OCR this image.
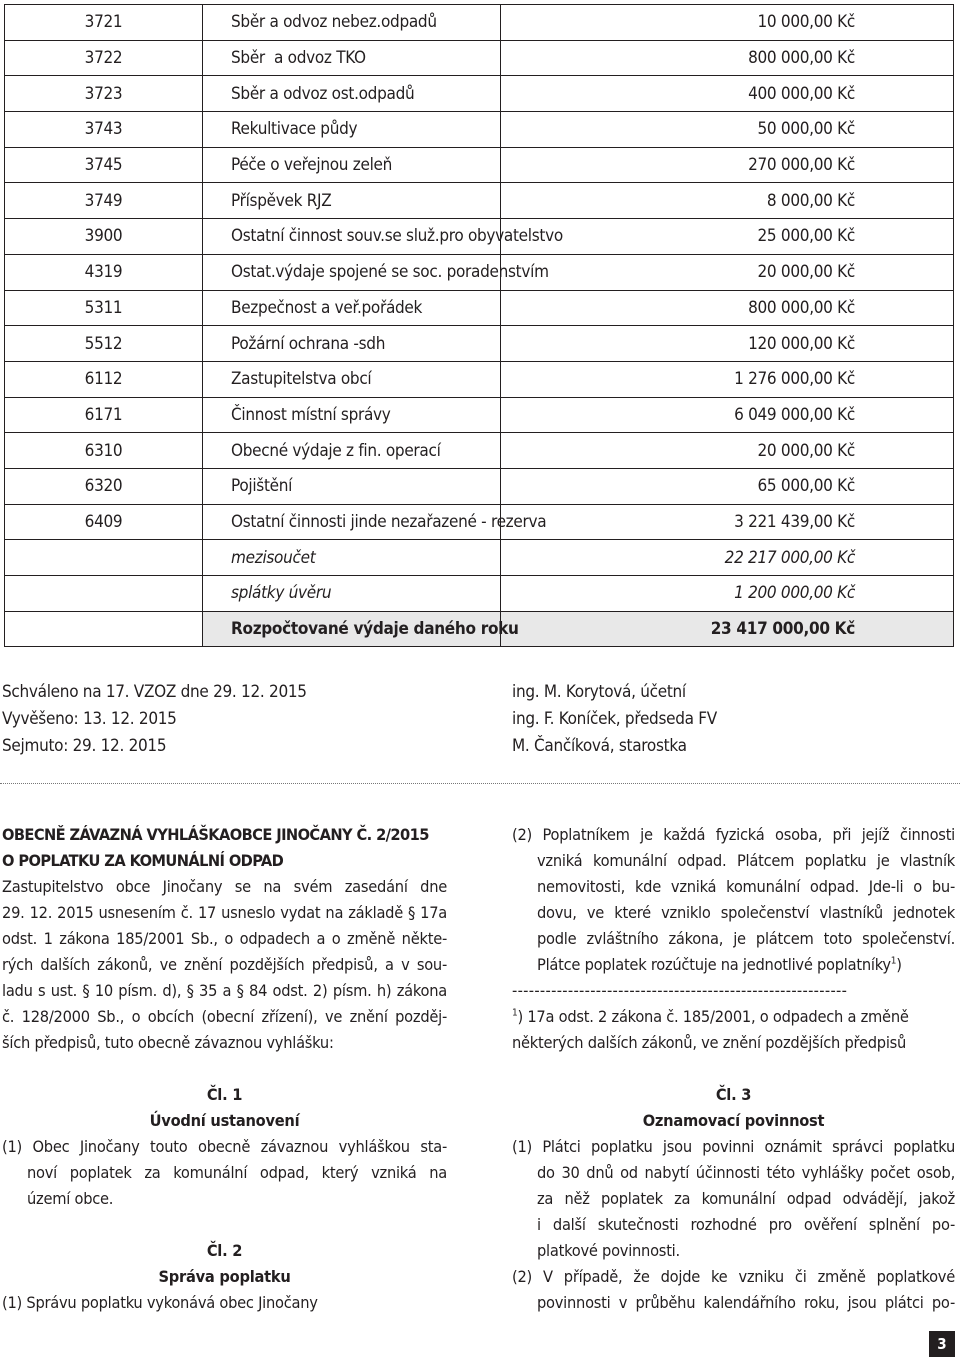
3721	Sběr a odvoz nebez.odpadů	10 000,00 Kč
3722	Sběr  a odvoz TKO	800 000,00 Kč
3723	Sběr a odvoz ost.odpadů	400 000,00 Kč
3743	Rekultivace půdy	50 000,00 Kč
3745	Péče o veřejnou zeleň	270 000,00 Kč
3749	Příspěvek RJZ	8 000,00 Kč
3900	Ostatní činnost souv.se služ.pro obyvatelstvo	25 000,00 Kč
4319	Ostat.výdaje spojené se soc. poradenstvím	20 000,00 Kč
5311	Bezpečnost a veř.pořádek	800 000,00 Kč
5512	Požární ochrana -sdh	120 000,00 Kč
6112	Zastupitelstva obcí	1 276 000,00 Kč
6171	Činnost místní správy	6 049 000,00 Kč
6310	Obecné výdaje z fin. operací	20 000,00 Kč
6320	Pojištění	65 000,00 Kč
6409	Ostatní činnosti jinde nezařazené - rezerva	3 221 439,00 Kč
	mezisoučet	22 217 000,00 Kč
	splátky úvěru	1 200 000,00 Kč
	Rozpočtované výdaje daného roku	23 417 000,00 Kč
Schváleno na 17. VZOZ dne 29. 12. 2015
Vyvěšeno: 13. 12. 2015
Sejmuto: 29. 12. 2015
ing. M. Korytová, účetní
ing. F. Koníček, předseda FV
M. Čančíková, starostka
OBECNĚ ZÁVAZNÁ VYHLÁŠKAOBCE JINOČANY Č. 2/2015
O POPLATKU ZA KOMUNÁLNÍ ODPAD
Zastupitelstvo obce Jinočany se na svém zasedání dne
29. 12. 2015 usnesením č. 17 usneslo vydat na základě § 17a
odst. 1 zákona 185/2001 Sb., o odpadech a o změně někte-
rých dalších zákonů, ve znění pozdějších předpisů, a v sou-
ladu s ust. § 10 písm. d), § 35 a § 84 odst. 2) písm. h) zákona
č. 128/2000 Sb., o obcích (obecní zřízení), ve znění pozděj-
ších předpisů, tuto obecně závaznou vyhlášku:
Čl. 1
Úvodní ustanovení
(1) Obec Jinočany touto obecně závaznou vyhláškou sta-
noví poplatek za komunální odpad, který vzniká na
území obce.
Čl. 2
Správa poplatku
(1) Správu poplatku vykonává obec Jinočany
(2) Poplatníkem je každá fyzická osoba, při jejíž činnosti
vzniká komunální odpad. Plátcem poplatku je vlastník
nemovitosti, kde vzniká komunální odpad. Jde-li o bu-
dovu, ve které vzniklo společenství vlastníků jednotek
podle zvláštního zákona, je plátcem toto společenství.
Plátce poplatek rozúčtuje na jednotlivé poplatníky$^1$)
------------------------------------------------------------
$^1$) 17a odst. 2 zákona č. 185/2001, o odpadech a změně
některých dalších zákonů, ve znění pozdějších předpisů
Čl. 3
Oznamovací povinnost
(1) Plátci poplatku jsou povinni oznámit správci poplatku
do 30 dnů od nabytí účinnosti této vyhlášky počet osob,
za něž poplatek za komunální odpad odvádějí, jakož
i další skutečnosti rozhodné pro ověření splnění po-
platkové povinnosti.
(2) V případě, že dojde ke vzniku či změně poplatkové
povinnosti v průběhu kalendářního roku, jsou plátci po-
3
